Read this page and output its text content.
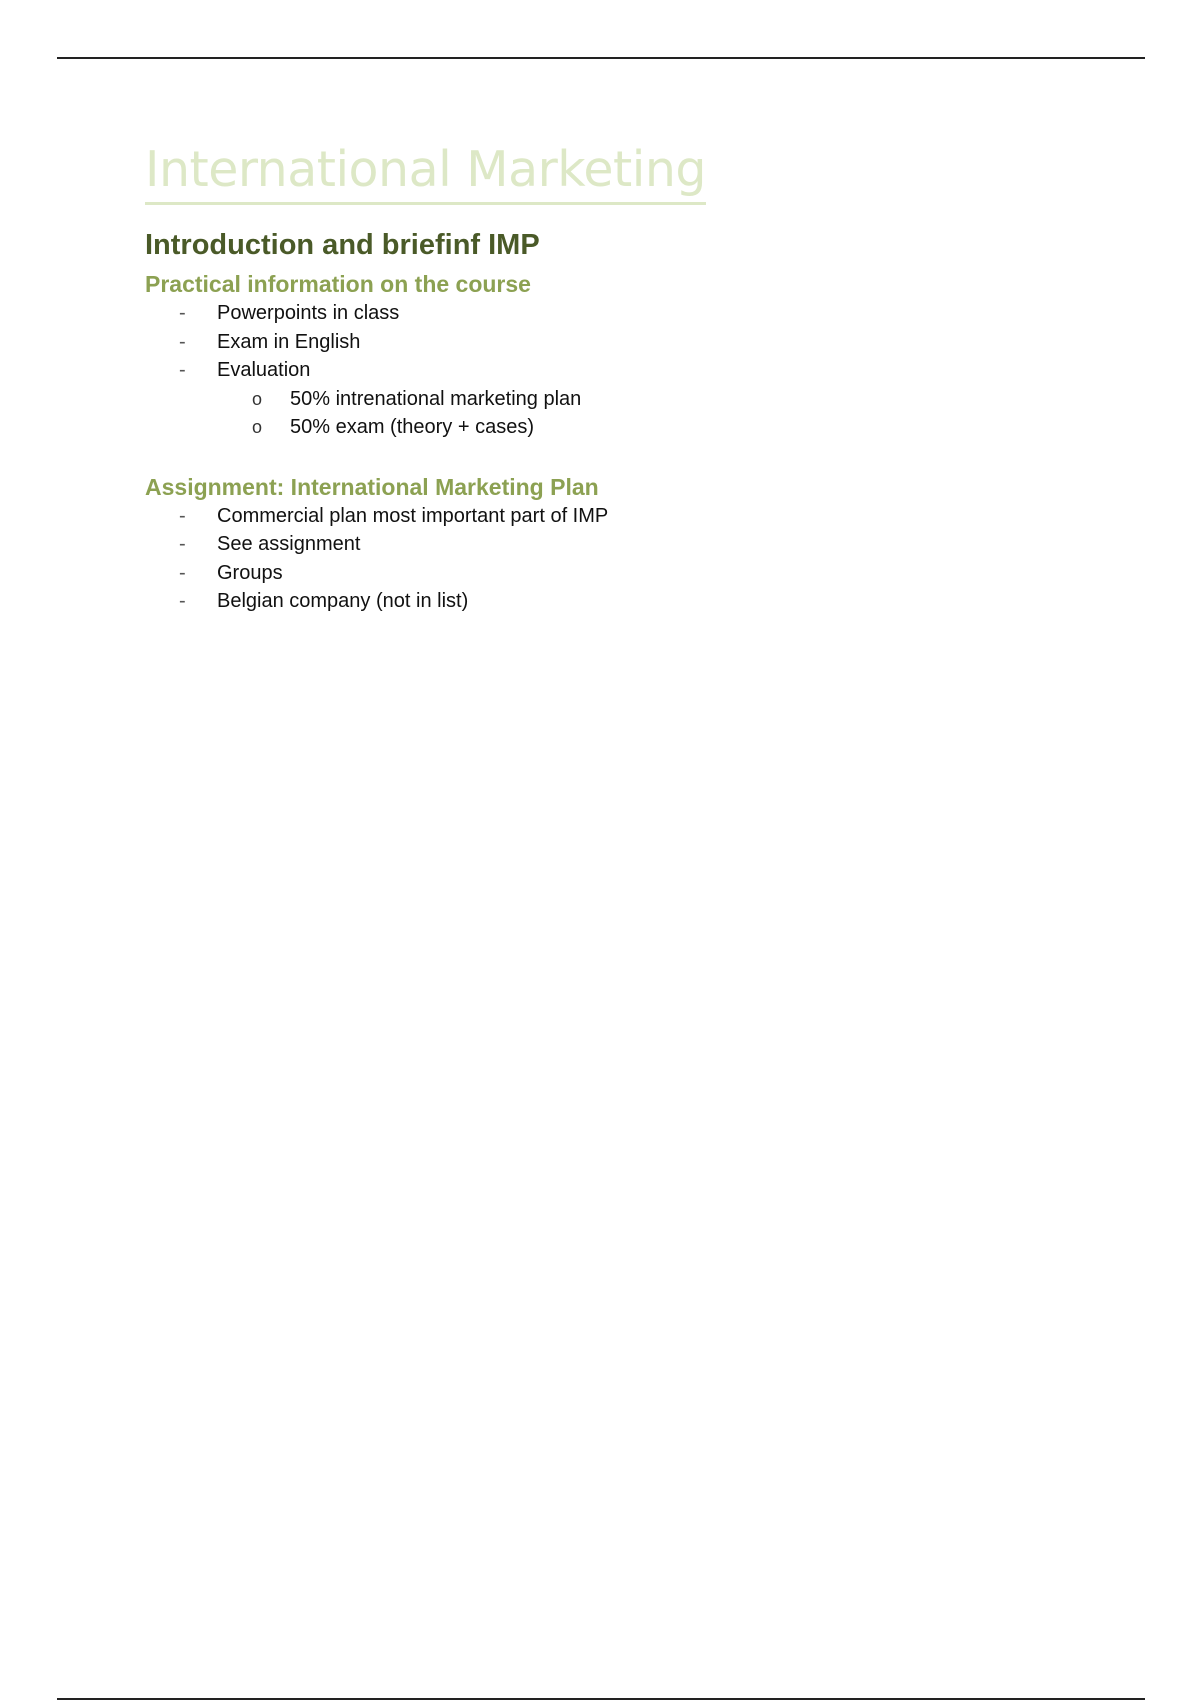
International Marketing
Introduction and briefinf IMP
Practical information on the course
- Powerpoints in class
- Exam in English
- Evaluation
o 50% intrenational marketing plan
o 50% exam (theory + cases)
Assignment: International Marketing Plan
- Commercial plan most important part of IMP
- See assignment
- Groups
- Belgian company (not in list)
